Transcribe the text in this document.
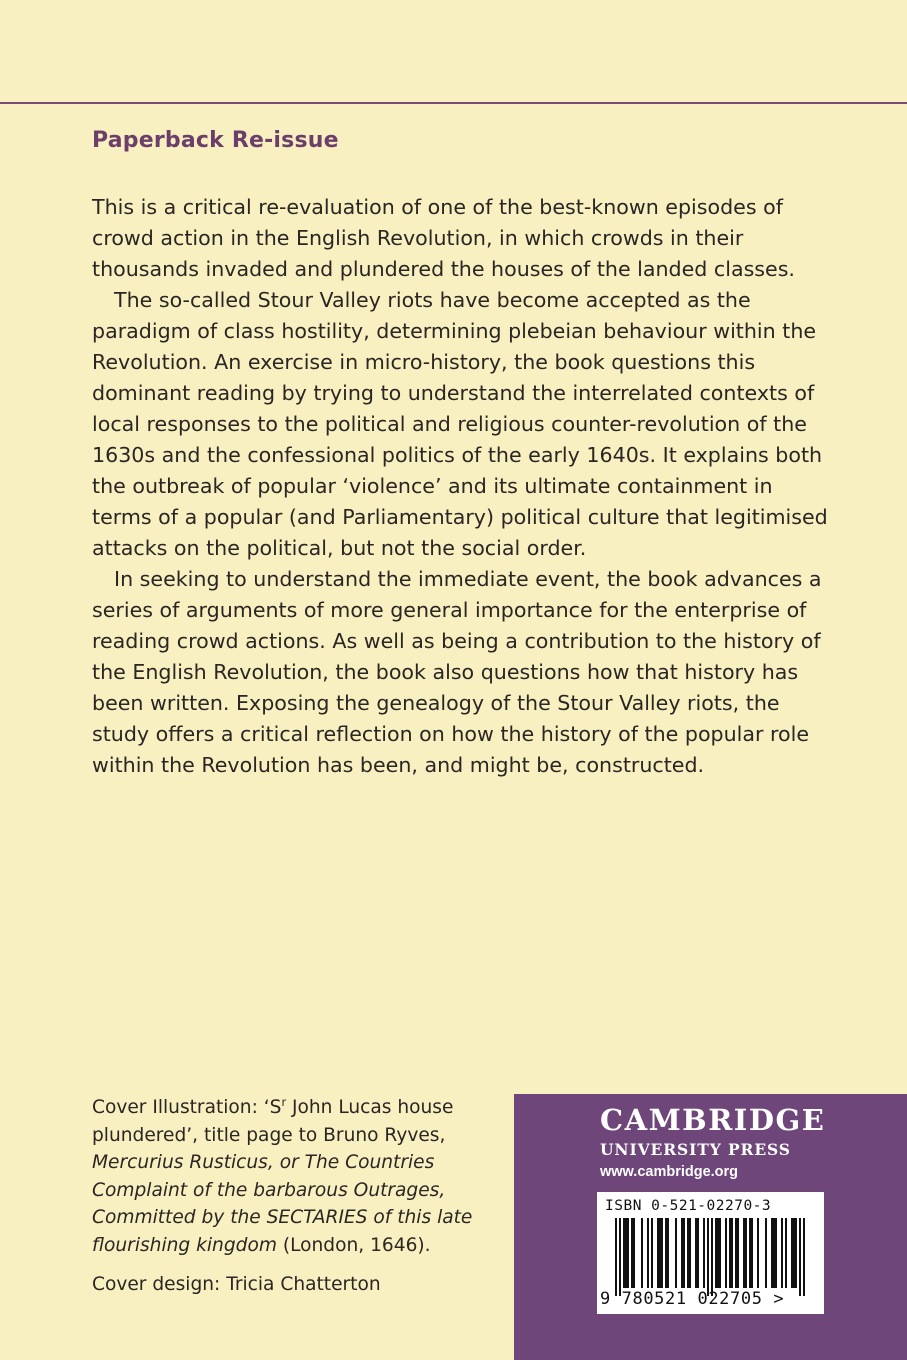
Paperback Re-issue

This is a critical re-evaluation of one of the best-known episodes of crowd action in the English Revolution, in which crowds in their thousands invaded and plundered the houses of the landed classes.

The so-called Stour Valley riots have become accepted as the paradigm of class hostility, determining plebeian behaviour within the Revolution. An exercise in micro-history, the book questions this dominant reading by trying to understand the interrelated contexts of local responses to the political and religious counter-revolution of the 1630s and the confessional politics of the early 1640s. It explains both the outbreak of popular ‘violence’ and its ultimate containment in terms of a popular (and Parliamentary) political culture that legitimised attacks on the political, but not the social order.

In seeking to understand the immediate event, the book advances a series of arguments of more general importance for the enterprise of reading crowd actions. As well as being a contribution to the history of the English Revolution, the book also questions how that history has been written. Exposing the genealogy of the Stour Valley riots, the study offers a critical reflection on how the history of the popular role within the Revolution has been, and might be, constructed.

Cover Illustration: ‘$S^r$ John Lucas house plundered’, title page to Bruno Ryves, Mercurius Rusticus, or The Countries Complaint of the barbarous Outrages, Committed by the SECTARIES of this late flourishing kingdom (London, 1646).

Cover design: Tricia Chatterton

CAMBRIDGE
UNIVERSITY PRESS
www.cambridge.org
ISBN 0-521-02270-3
9 780521 022705 >
